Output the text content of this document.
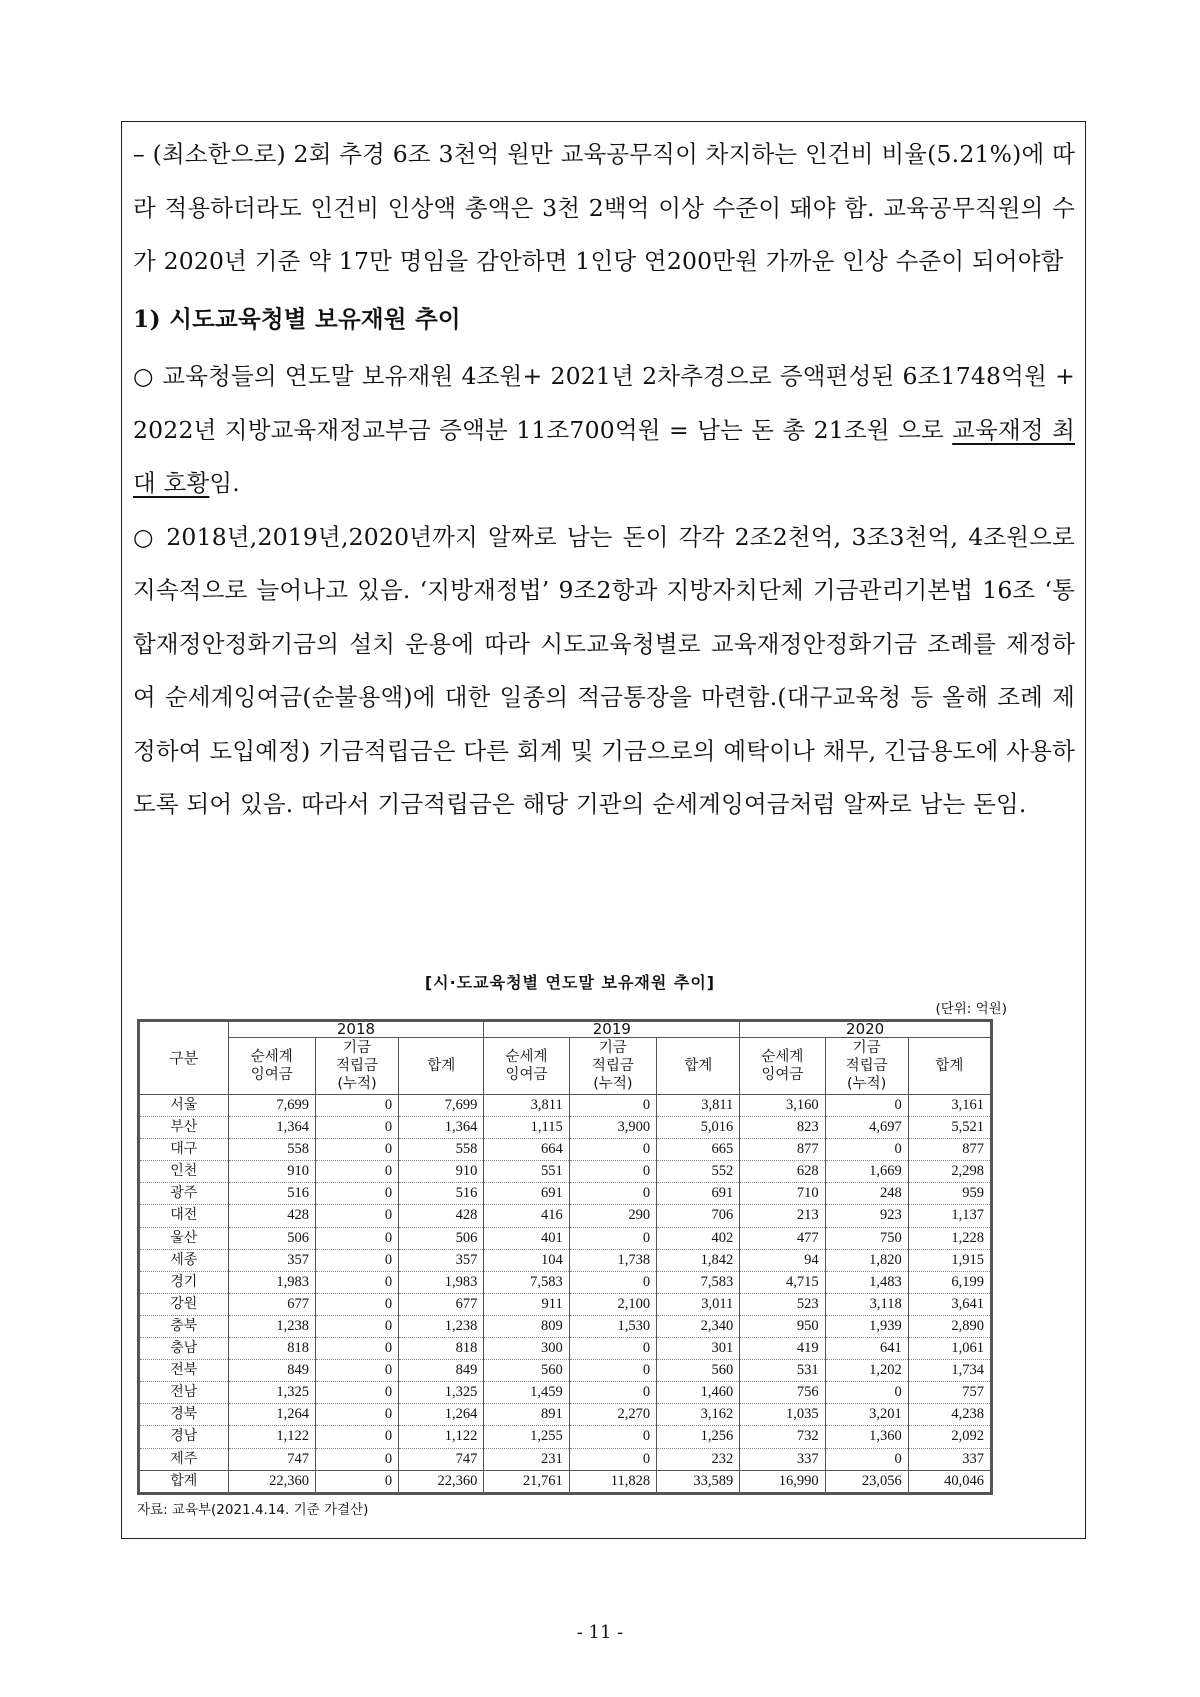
– (최소한으로) 2회 추경 6조 3천억 원만 교육공무직이 차지하는 인건비 비율(5.21%)에 따라 적용하더라도 인건비 인상액 총액은 3천 2백억 이상 수준이 돼야 함. 교육공무직원의 수가 2020년 기준 약 17만 명임을 감안하면 1인당 연200만원 가까운 인상 수준이 되어야함

1) 시도교육청별 보유재원 추이

○ 교육청들의 연도말 보유재원 4조원+ 2021년 2차추경으로 증액편성된 6조1748억원 + 2022년 지방교육재정교부금 증액분 11조700억원 = 남는 돈 총 21조원 으로 교육재정 최대 호황임.

○ 2018년,2019년,2020년까지 알짜로 남는 돈이 각각 2조2천억, 3조3천억, 4조원으로 지속적으로 늘어나고 있음. ‘지방재정법’ 9조2항과 지방자치단체 기금관리기본법 16조 ‘통합재정안정화기금의 설치 운용에 따라 시도교육청별로 교육재정안정화기금 조례를 제정하여 순세계잉여금(순불용액)에 대한 일종의 적금통장을 마련함.(대구교육청 등 올해 조례 제정하여 도입예정) 기금적립금은 다른 회계 및 기금으로의 예탁이나 채무, 긴급용도에 사용하도록 되어 있음. 따라서 기금적립금은 해당 기관의 순세계잉여금처럼 알짜로 남는 돈임.

[시·도교육청별 연도말 보유재원 추이]
(단위: 억원)
구분	2018			2019			2020		
	순세계
잉여금	기금
적립금
(누적)	합계	순세계
잉여금	기금
적립금
(누적)	합계	순세계
잉여금	기금
적립금
(누적)	합계
서울	7,699	0	7,699	3,811	0	3,811	3,160	0	3,161
부산	1,364	0	1,364	1,115	3,900	5,016	823	4,697	5,521
대구	558	0	558	664	0	665	877	0	877
인천	910	0	910	551	0	552	628	1,669	2,298
광주	516	0	516	691	0	691	710	248	959
대전	428	0	428	416	290	706	213	923	1,137
울산	506	0	506	401	0	402	477	750	1,228
세종	357	0	357	104	1,738	1,842	94	1,820	1,915
경기	1,983	0	1,983	7,583	0	7,583	4,715	1,483	6,199
강원	677	0	677	911	2,100	3,011	523	3,118	3,641
충북	1,238	0	1,238	809	1,530	2,340	950	1,939	2,890
충남	818	0	818	300	0	301	419	641	1,061
전북	849	0	849	560	0	560	531	1,202	1,734
전남	1,325	0	1,325	1,459	0	1,460	756	0	757
경북	1,264	0	1,264	891	2,270	3,162	1,035	3,201	4,238
경남	1,122	0	1,122	1,255	0	1,256	732	1,360	2,092
제주	747	0	747	231	0	232	337	0	337
합계	22,360	0	22,360	21,761	11,828	33,589	16,990	23,056	40,046
자료: 교육부(2021.4.14. 기준 가결산)
- 11 -
